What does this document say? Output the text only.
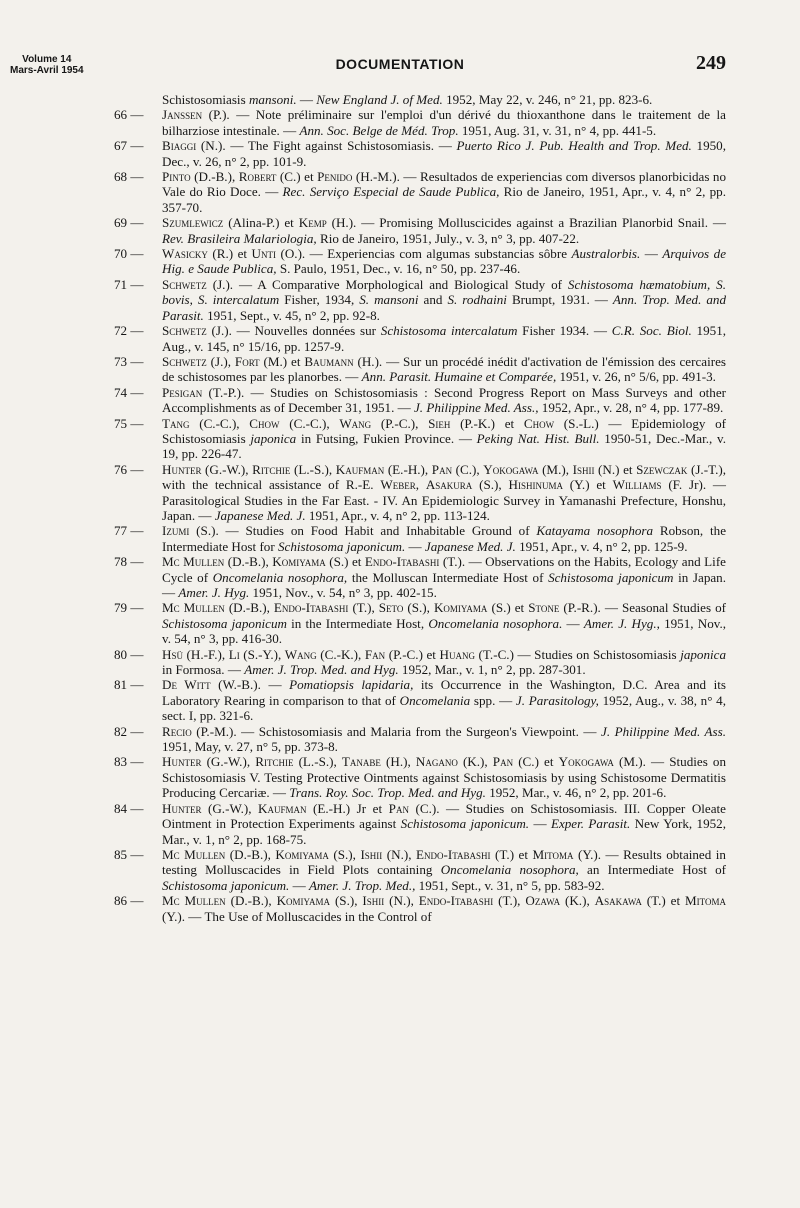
Volume 14
Mars-Avril 1954	DOCUMENTATION	249
Schistosomiasis mansoni. — New England J. of Med. 1952, May 22, v. 246, n° 21, pp. 823-6.
66 —	Janssen (P.). — Note préliminaire sur l'emploi d'un dérivé du thioxanthone dans le traitement de la bilharziose intestinale. — Ann. Soc. Belge de Méd. Trop. 1951, Aug. 31, v. 31, n° 4, pp. 441-5.
67 —	Biaggi (N.). — The Fight against Schistosomiasis. — Puerto Rico J. Pub. Health and Trop. Med. 1950, Dec., v. 26, n° 2, pp. 101-9.
68 —	Pinto (D.-B.), Robert (C.) et Penido (H.-M.). — Resultados de experiencias com diversos planorbicidas no Vale do Rio Doce. — Rec. Serviço Especial de Saude Publica, Rio de Janeiro, 1951, Apr., v. 4, n° 2, pp. 357-70.
69 —	Szumlewicz (Alina-P.) et Kemp (H.). — Promising Molluscicides against a Brazilian Planorbid Snail. — Rev. Brasileira Malariologia, Rio de Janeiro, 1951, July., v. 3, n° 3, pp. 407-22.
70 —	Wasicky (R.) et Unti (O.). — Experiencias com algumas substancias sôbre Australorbis. — Arquivos de Hig. e Saude Publica, S. Paulo, 1951, Dec., v. 16, n° 50, pp. 237-46.
71 —	Schwetz (J.). — A Comparative Morphological and Biological Study of Schistosoma hæmatobium, S. bovis, S. intercalatum Fisher, 1934, S. mansoni and S. rodhaini Brumpt, 1931. — Ann. Trop. Med. and Parasit. 1951, Sept., v. 45, n° 2, pp. 92-8.
72 —	Schwetz (J.). — Nouvelles données sur Schistosoma intercalatum Fisher 1934. — C.R. Soc. Biol. 1951, Aug., v. 145, n° 15/16, pp. 1257-9.
73 —	Schwetz (J.), Fort (M.) et Baumann (H.). — Sur un procédé inédit d'activation de l'émission des cercaires de schistosomes par les planorbes. — Ann. Parasit. Humaine et Comparée, 1951, v. 26, n° 5/6, pp. 491-3.
74 —	Pesigan (T.-P.). — Studies on Schistosomiasis : Second Progress Report on Mass Surveys and other Accomplishments as of December 31, 1951. — J. Philippine Med. Ass., 1952, Apr., v. 28, n° 4, pp. 177-89.
75 —	Tang (C.-C.), Chow (C.-C.), Wang (P.-C.), Sieh (P.-K.) et Chow (S.-L.) — Epidemiology of Schistosomiasis japonica in Futsing, Fukien Province. — Peking Nat. Hist. Bull. 1950-51, Dec.-Mar., v. 19, pp. 226-47.
76 —	Hunter (G.-W.), Ritchie (L.-S.), Kaufman (E.-H.), Pan (C.), Yokogawa (M.), Ishii (N.) et Szewczak (J.-T.), with the technical assistance of R.-E. Weber, Asakura (S.), Hishinuma (Y.) et Williams (F. Jr). — Parasitological Studies in the Far East. - IV. An Epidemiologic Survey in Yamanashi Prefecture, Honshu, Japan. — Japanese Med. J. 1951, Apr., v. 4, n° 2, pp. 113-124.
77 —	Izumi (S.). — Studies on Food Habit and Inhabitable Ground of Katayama nosophora Robson, the Intermediate Host for Schistosoma japonicum. — Japanese Med. J. 1951, Apr., v. 4, n° 2, pp. 125-9.
78 —	Mc Mullen (D.-B.), Komiyama (S.) et Endo-Itabashi (T.). — Observations on the Habits, Ecology and Life Cycle of Oncomelania nosophora, the Molluscan Intermediate Host of Schistosoma japonicum in Japan. — Amer. J. Hyg. 1951, Nov., v. 54, n° 3, pp. 402-15.
79 —	Mc Mullen (D.-B.), Endo-Itabashi (T.), Seto (S.), Komiyama (S.) et Stone (P.-R.). — Seasonal Studies of Schistosoma japonicum in the Intermediate Host, Oncomelania nosophora. — Amer. J. Hyg., 1951, Nov., v. 54, n° 3, pp. 416-30.
80 —	Hsü (H.-F.), Li (S.-Y.), Wang (C.-K.), Fan (P.-C.) et Huang (T.-C.) — Studies on Schistosomiasis japonica in Formosa. — Amer. J. Trop. Med. and Hyg. 1952, Mar., v. 1, n° 2, pp. 287-301.
81 —	De Witt (W.-B.). — Pomatiopsis lapidaria, its Occurrence in the Washington, D.C. Area and its Laboratory Rearing in comparison to that of Oncomelania spp. — J. Parasitology, 1952, Aug., v. 38, n° 4, sect. I, pp. 321-6.
82 —	Recio (P.-M.). — Schistosomiasis and Malaria from the Surgeon's Viewpoint. — J. Philippine Med. Ass. 1951, May, v. 27, n° 5, pp. 373-8.
83 —	Hunter (G.-W.), Ritchie (L.-S.), Tanabe (H.), Nagano (K.), Pan (C.) et Yokogawa (M.). — Studies on Schistosomiasis V. Testing Protective Ointments against Schistosomiasis by using Schistosome Dermatitis Producing Cercariæ. — Trans. Roy. Soc. Trop. Med. and Hyg. 1952, Mar., v. 46, n° 2, pp. 201-6.
84 —	Hunter (G.-W.), Kaufman (E.-H.) Jr et Pan (C.). — Studies on Schistosomiasis. III. Copper Oleate Ointment in Protection Experiments against Schistosoma japonicum. — Exper. Parasit. New York, 1952, Mar., v. 1, n° 2, pp. 168-75.
85 —	Mc Mullen (D.-B.), Komiyama (S.), Ishii (N.), Endo-Itabashi (T.) et Mitoma (Y.). — Results obtained in testing Molluscacides in Field Plots containing Oncomelania nosophora, an Intermediate Host of Schistosoma japonicum. — Amer. J. Trop. Med., 1951, Sept., v. 31, n° 5, pp. 583-92.
86 —	Mc Mullen (D.-B.), Komiyama (S.), Ishii (N.), Endo-Itabashi (T.), Ozawa (K.), Asakawa (T.) et Mitoma (Y.). — The Use of Molluscacides in the Control of
